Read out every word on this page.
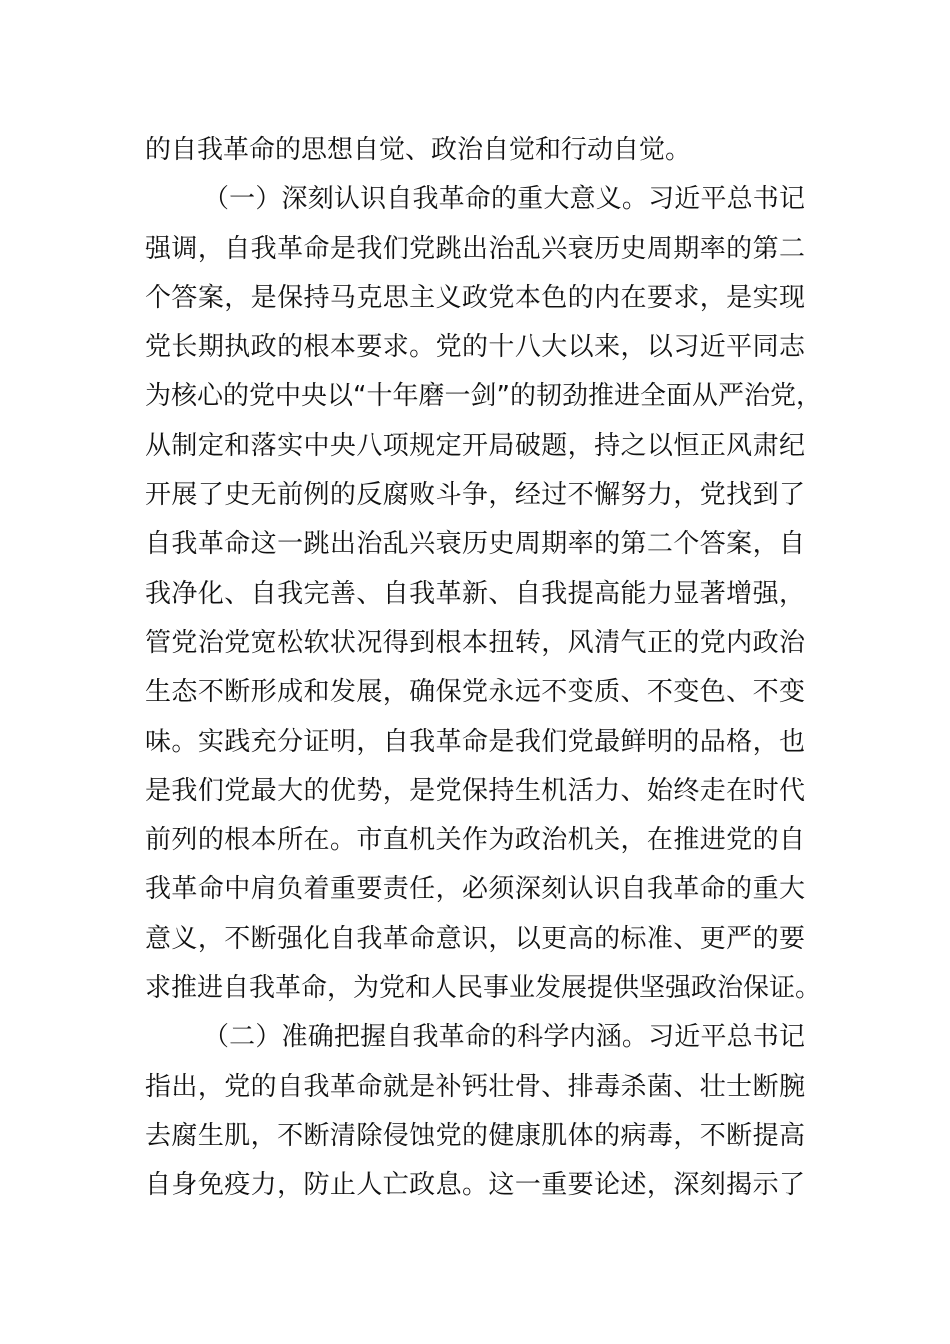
的自我革命的思想自觉、政治自觉和行动自觉。
（一）深刻认识自我革命的重大意义。习近平总书记
强调，自我革命是我们党跳出治乱兴衰历史周期率的第二
个答案，是保持马克思主义政党本色的内在要求，是实现
党长期执政的根本要求。党的十八大以来，以习近平同志
为核心的党中央以“十年磨一剑”的韧劲推进全面从严治党，
从制定和落实中央八项规定开局破题，持之以恒正风肃纪
开展了史无前例的反腐败斗争，经过不懈努力，党找到了
自我革命这一跳出治乱兴衰历史周期率的第二个答案，自
我净化、自我完善、自我革新、自我提高能力显著增强，
管党治党宽松软状况得到根本扭转，风清气正的党内政治
生态不断形成和发展，确保党永远不变质、不变色、不变
味。实践充分证明，自我革命是我们党最鲜明的品格，也
是我们党最大的优势，是党保持生机活力、始终走在时代
前列的根本所在。市直机关作为政治机关，在推进党的自
我革命中肩负着重要责任，必须深刻认识自我革命的重大
意义，不断强化自我革命意识，以更高的标准、更严的要
求推进自我革命，为党和人民事业发展提供坚强政治保证。
（二）准确把握自我革命的科学内涵。习近平总书记
指出，党的自我革命就是补钙壮骨、排毒杀菌、壮士断腕
去腐生肌，不断清除侵蚀党的健康肌体的病毒，不断提高
自身免疫力，防止人亡政息。这一重要论述，深刻揭示了
